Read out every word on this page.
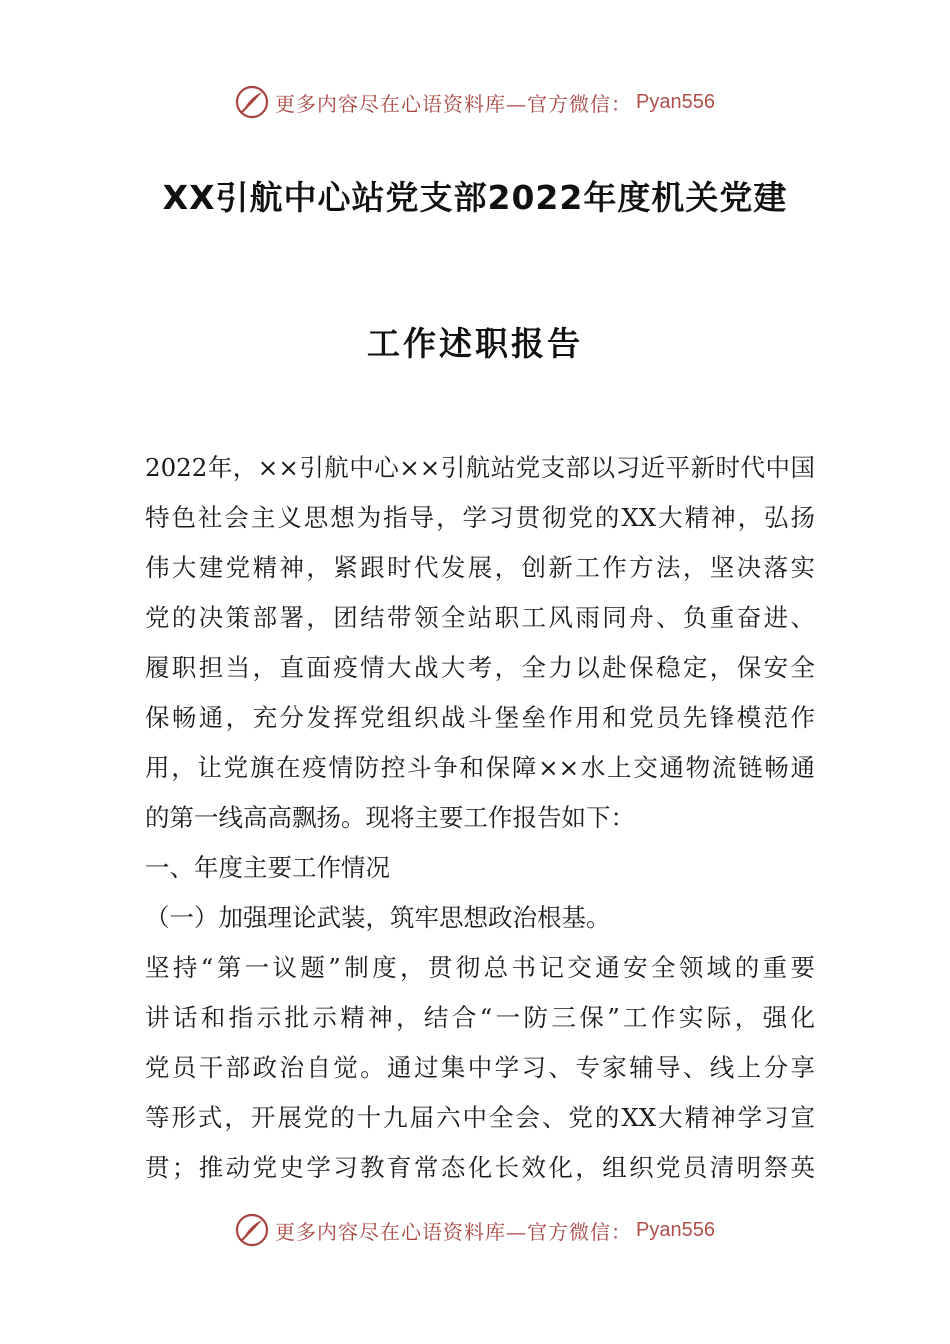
更多内容尽在心语资料库—官方微信： Pyan556
XX引航中心站党支部2022年度机关党建
工作述职报告
2022年，××引航中心××引航站党支部以习近平新时代中国
特色社会主义思想为指导，学习贯彻党的XX大精神，弘扬
伟大建党精神，紧跟时代发展，创新工作方法，坚决落实
党的决策部署，团结带领全站职工风雨同舟、负重奋进、
履职担当，直面疫情大战大考，全力以赴保稳定，保安全
保畅通，充分发挥党组织战斗堡垒作用和党员先锋模范作
用，让党旗在疫情防控斗争和保障××水上交通物流链畅通
的第一线高高飘扬。现将主要工作报告如下：
一、年度主要工作情况
（一）加强理论武装，筑牢思想政治根基。
坚持“第一议题”制度，贯彻总书记交通安全领域的重要
讲话和指示批示精神，结合“一防三保”工作实际，强化
党员干部政治自觉。通过集中学习、专家辅导、线上分享
等形式，开展党的十九届六中全会、党的XX大精神学习宣
贯；推动党史学习教育常态化长效化，组织党员清明祭英
更多内容尽在心语资料库—官方微信： Pyan556
